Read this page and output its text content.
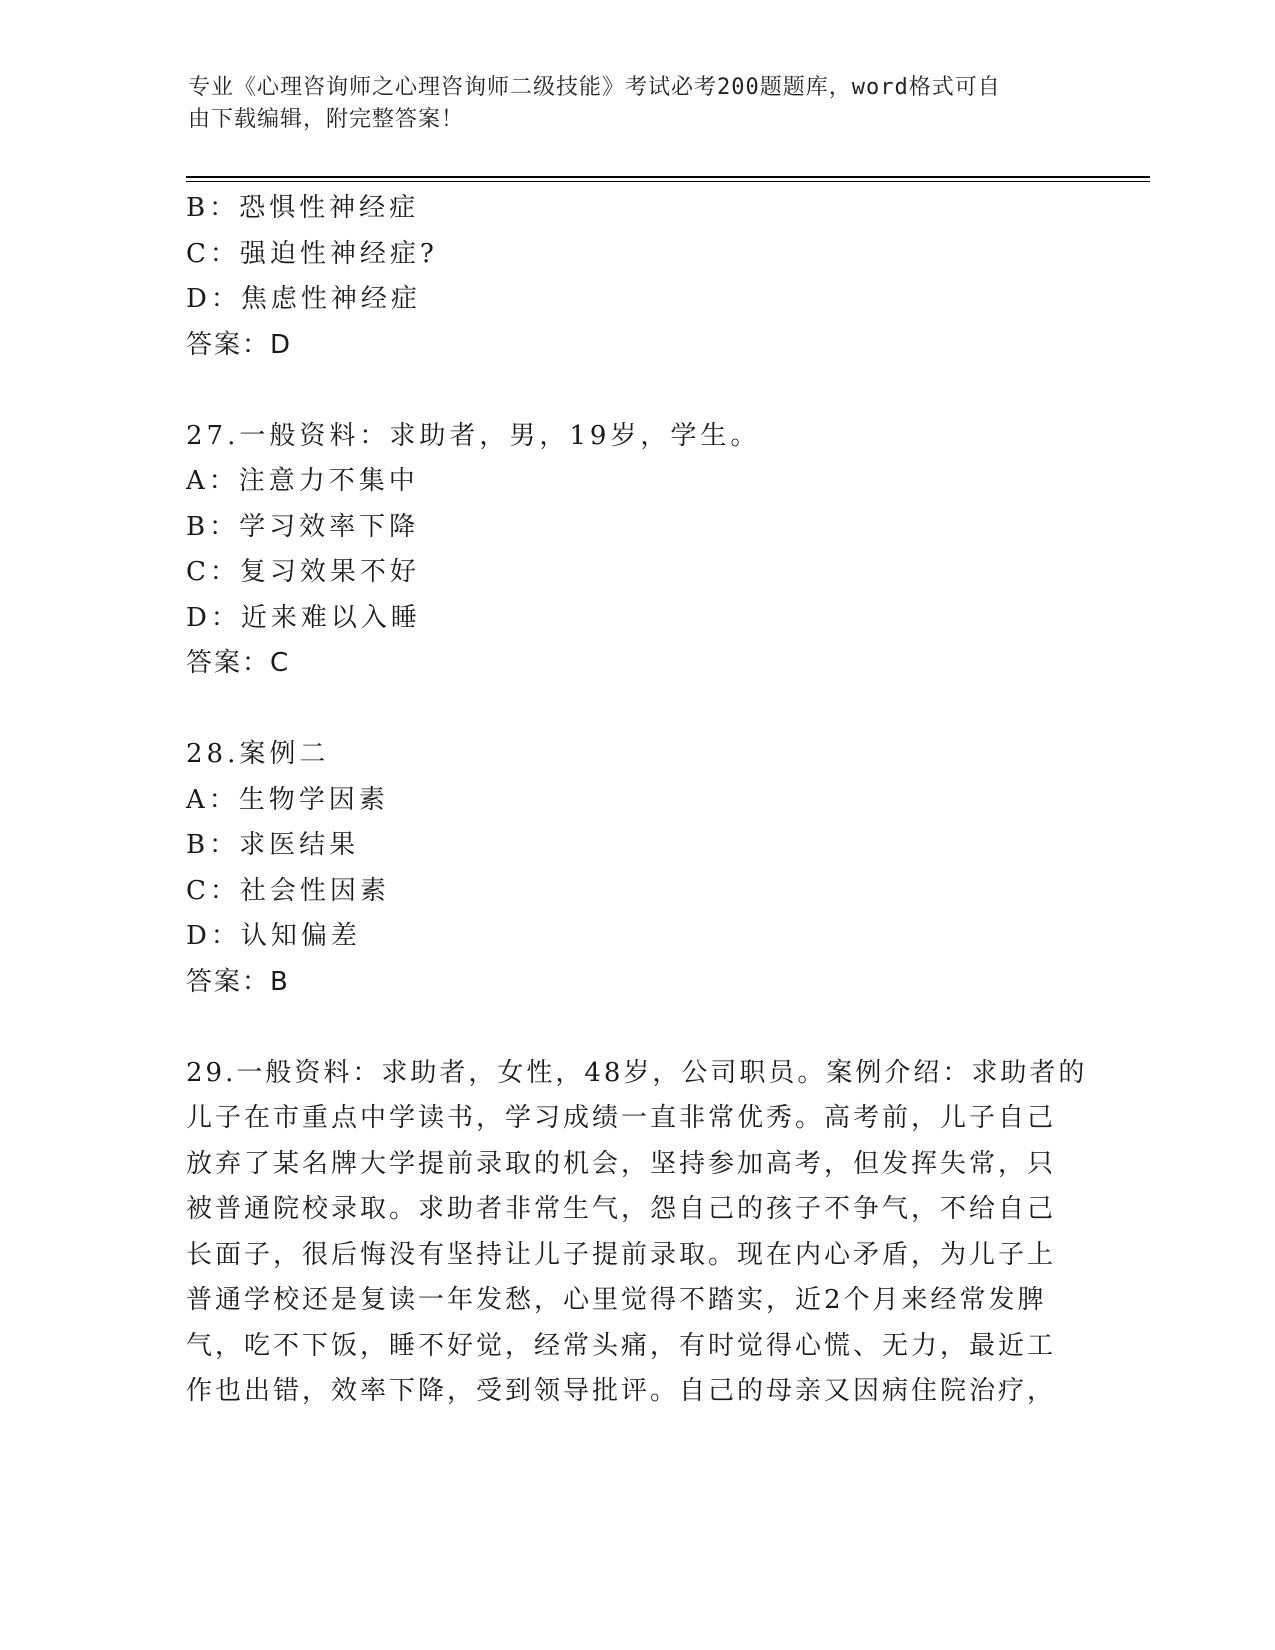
专业《心理咨询师之心理咨询师二级技能》考试必考200题题库，word格式可自
由下载编辑，附完整答案！
B：恐惧性神经症
C：强迫性神经症?
D：焦虑性神经症
答案：D
27.一般资料：求助者，男，19岁，学生。
A：注意力不集中
B：学习效率下降
C：复习效果不好
D：近来难以入睡
答案：C
28.案例二
A：生物学因素
B：求医结果
C：社会性因素
D：认知偏差
答案：B
29.一般资料：求助者，女性，48岁，公司职员。案例介绍：求助者的
儿子在市重点中学读书，学习成绩一直非常优秀。高考前，儿子自己
放弃了某名牌大学提前录取的机会，坚持参加高考，但发挥失常，只
被普通院校录取。求助者非常生气，怨自己的孩子不争气，不给自己
长面子，很后悔没有坚持让儿子提前录取。现在内心矛盾，为儿子上
普通学校还是复读一年发愁，心里觉得不踏实，近2个月来经常发脾
气，吃不下饭，睡不好觉，经常头痛，有时觉得心慌、无力，最近工
作也出错，效率下降，受到领导批评。自己的母亲又因病住院治疗，
